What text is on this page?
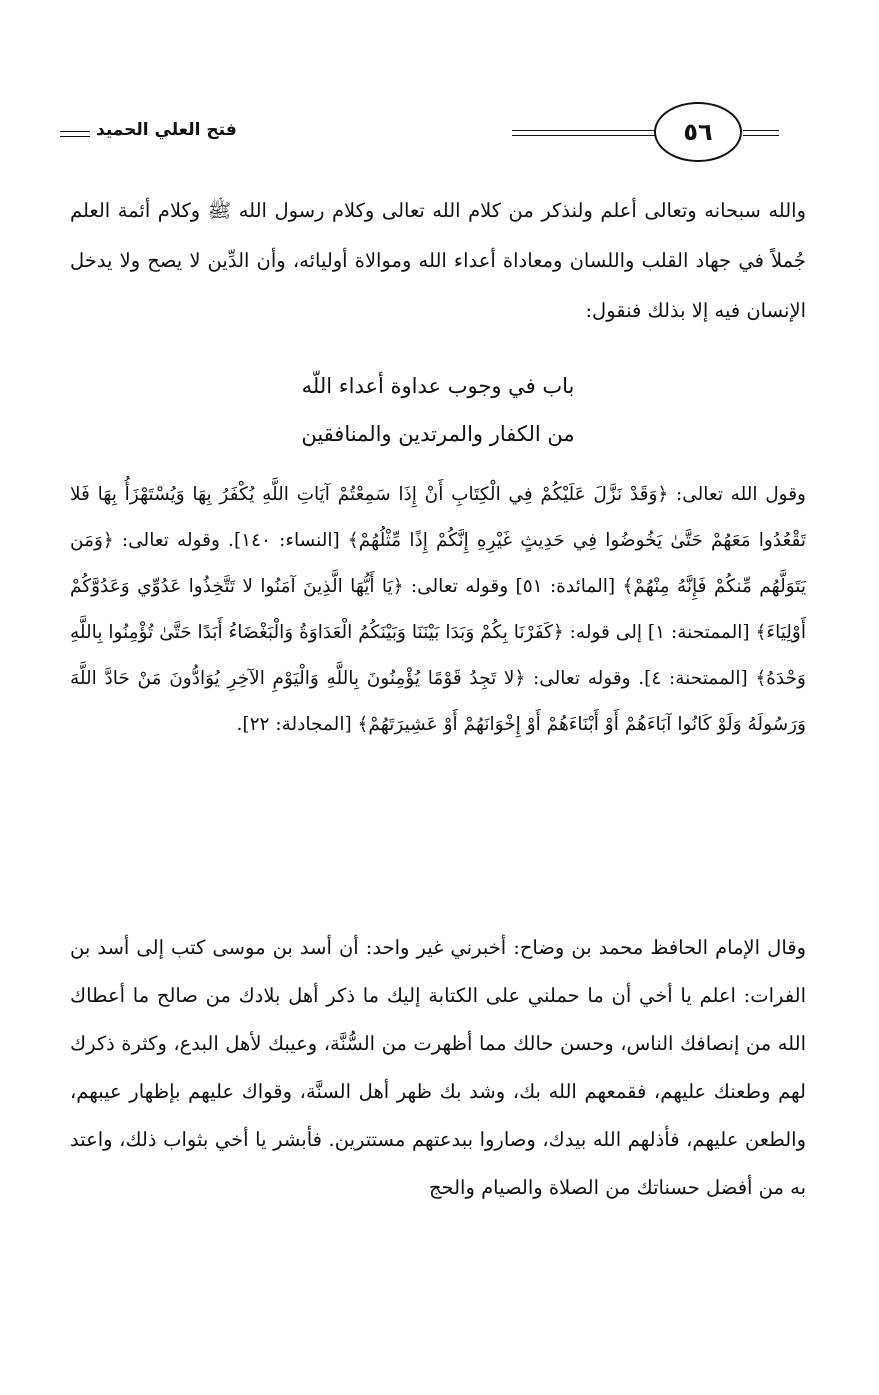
فتح العلي الحميد	٥٦

والله سبحانه وتعالى أعلم ولنذكر من كلام الله تعالى وكلام رسول الله ﷺ وكلام أئمة العلم جُملاً في جهاد القلب واللسان ومعاداة أعداء الله وموالاة أوليائه، وأن الدِّين لا يصح ولا يدخل الإنسان فيه إلا بذلك فنقول:

باب في وجوب عداوة أعداء اللّه
من الكفار والمرتدين والمنافقين

وقول الله تعالى: ﴿وَقَدْ نَزَّلَ عَلَيْكُمْ فِي الْكِتَابِ أَنْ إِذَا سَمِعْتُمْ آيَاتِ اللَّهِ يُكْفَرُ بِهَا وَيُسْتَهْزَأُ بِهَا فَلا تَقْعُدُوا مَعَهُمْ حَتَّىٰ يَخُوضُوا فِي حَدِيثٍ غَيْرِهِ إِنَّكُمْ إِذًا مِّثْلُهُمْ﴾ [النساء: ١٤٠]. وقوله تعالى: ﴿وَمَن يَتَوَلَّهُم مِّنكُمْ فَإِنَّهُ مِنْهُمْ﴾ [المائدة: ٥١] وقوله تعالى: ﴿يَا أَيُّهَا الَّذِينَ آمَنُوا لا تَتَّخِذُوا عَدُوِّي وَعَدُوَّكُمْ أَوْلِيَاءَ﴾ [الممتحنة: ١] إلى قوله: ﴿كَفَرْنَا بِكُمْ وَبَدَا بَيْنَنَا وَبَيْنَكُمُ الْعَدَاوَةُ وَالْبَغْضَاءُ أَبَدًا حَتَّىٰ تُؤْمِنُوا بِاللَّهِ وَحْدَهُ﴾ [الممتحنة: ٤]. وقوله تعالى: ﴿لا تَجِدُ قَوْمًا يُؤْمِنُونَ بِاللَّهِ وَالْيَوْمِ الآخِرِ يُوَادُّونَ مَنْ حَادَّ اللَّهَ وَرَسُولَهُ وَلَوْ كَانُوا آبَاءَهُمْ أَوْ أَبْنَاءَهُمْ أَوْ إِخْوَانَهُمْ أَوْ عَشِيرَتَهُمْ﴾ [المجادلة: ٢٢].

وقال الإمام الحافظ محمد بن وضاح: أخبرني غير واحد: أن أسد بن موسى كتب إلى أسد بن الفرات: اعلم يا أخي أن ما حملني على الكتابة إليك ما ذكر أهل بلادك من صالح ما أعطاك الله من إنصافك الناس، وحسن حالك مما أظهرت من السُّنَّة، وعيبك لأهل البدع، وكثرة ذكرك لهم وطعنك عليهم، فقمعهم الله بك، وشد بك ظهر أهل السنَّة، وقواك عليهم بإظهار عيبهم، والطعن عليهم، فأذلهم الله بيدك، وصاروا ببدعتهم مستترين. فأبشر يا أخي بثواب ذلك، واعتد به من أفضل حسناتك من الصلاة والصيام والحج
